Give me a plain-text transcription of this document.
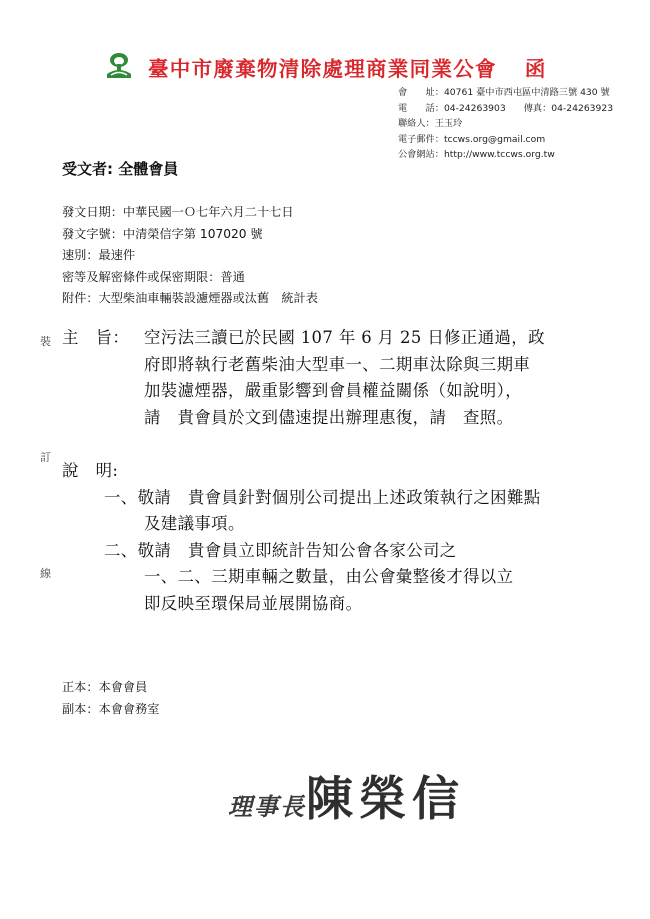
臺中市廢棄物清除處理商業同業公會 函
會　　址：40761 臺中市西屯區中清路三號 430 號
電　　話：04-24263903 傳真：04-24263923
聯絡人：王玉玲
電子郵件：tccws.org@gmail.com
公會網站：http://www.tccws.org.tw
受文者: 全體會員
發文日期：中華民國一Ｏ七年六月二十七日
發文字號：中清榮信字第 107020 號
速別：最速件
密等及解密條件或保密期限：普通
附件：大型柴油車輛裝設濾煙器或汰舊　統計表
裝
訂
線
主　旨： 空污法三讀已於民國 107 年 6 月 25 日修正通過，政
府即將執行老舊柴油大型車一、二期車汰除與三期車
加裝濾煙器，嚴重影響到會員權益關係（如說明），
請　貴會員於文到儘速提出辦理惠復，請　查照。
說　明:
一、敬請　貴會員針對個別公司提出上述政策執行之困難點
及建議事項。
二、敬請　貴會員立即統計告知公會各家公司之
一、二、三期車輛之數量，由公會彙整後才得以立
即反映至環保局並展開協商。
正本：本會會員
副本：本會會務室
理事長陳榮信
